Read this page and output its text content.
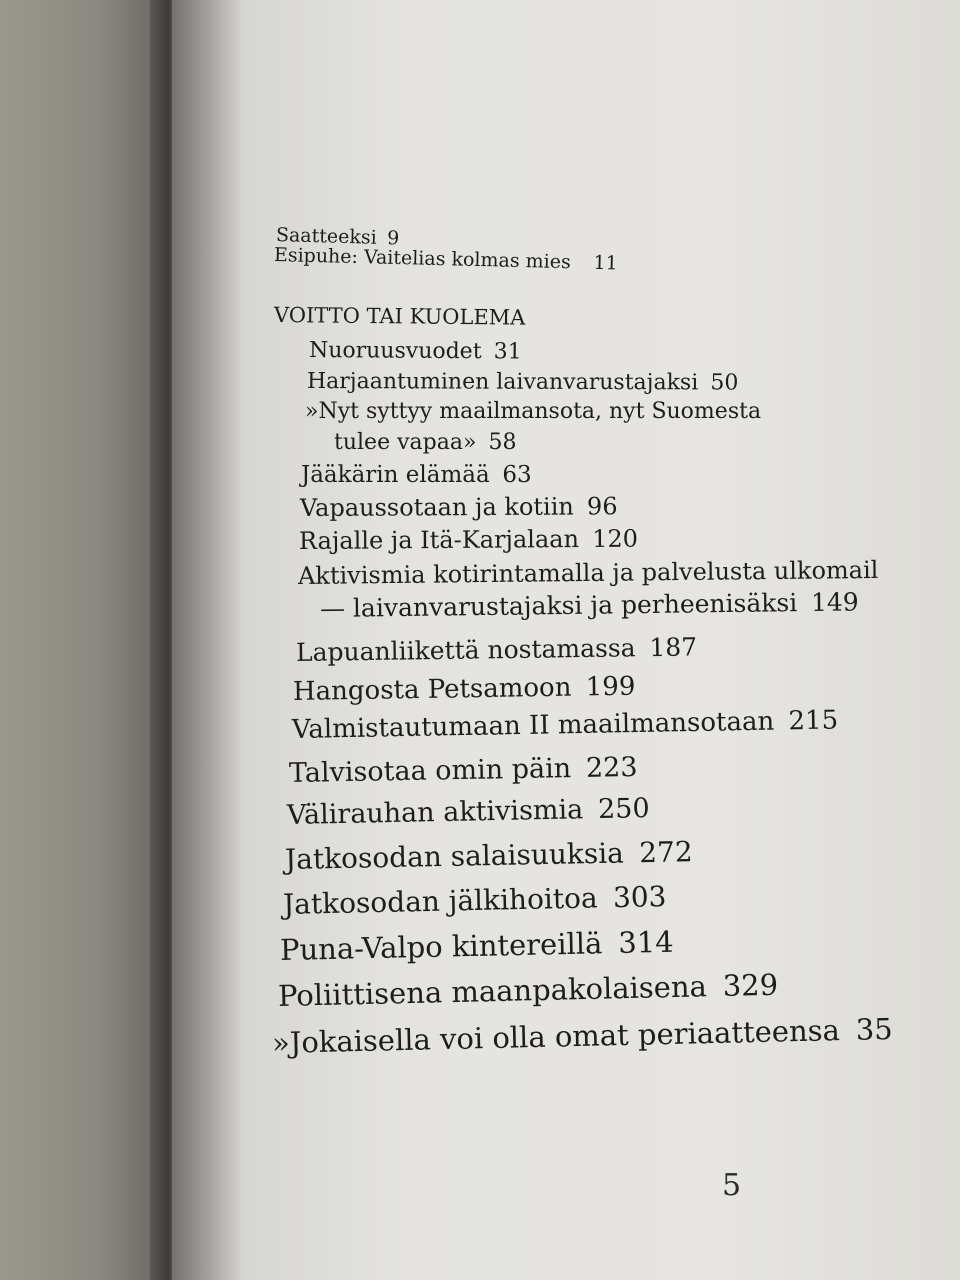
Saatteeksi 9
Esipuhe: Vaitelias kolmas mies 11
VOITTO TAI KUOLEMA
Nuoruusvuodet 31
Harjaantuminen laivanvarustajaksi 50
»Nyt syttyy maailmansota, nyt Suomesta
tulee vapaa» 58
Jääkärin elämää 63
Vapaussotaan ja kotiin 96
Rajalle ja Itä-Karjalaan 120
Aktivismia kotirintamalla ja palvelusta ulkomail
— laivanvarustajaksi ja perheenisäksi 149
Lapuanliikettä nostamassa 187
Hangosta Petsamoon 199
Valmistautumaan II maailmansotaan 215
Talvisotaa omin päin 223
Välirauhan aktivismia 250
Jatkosodan salaisuuksia 272
Jatkosodan jälkihoitoa 303
Puna-Valpo kintereillä 314
Poliittisena maanpakolaisena 329
»Jokaisella voi olla omat periaatteensa 35
5
